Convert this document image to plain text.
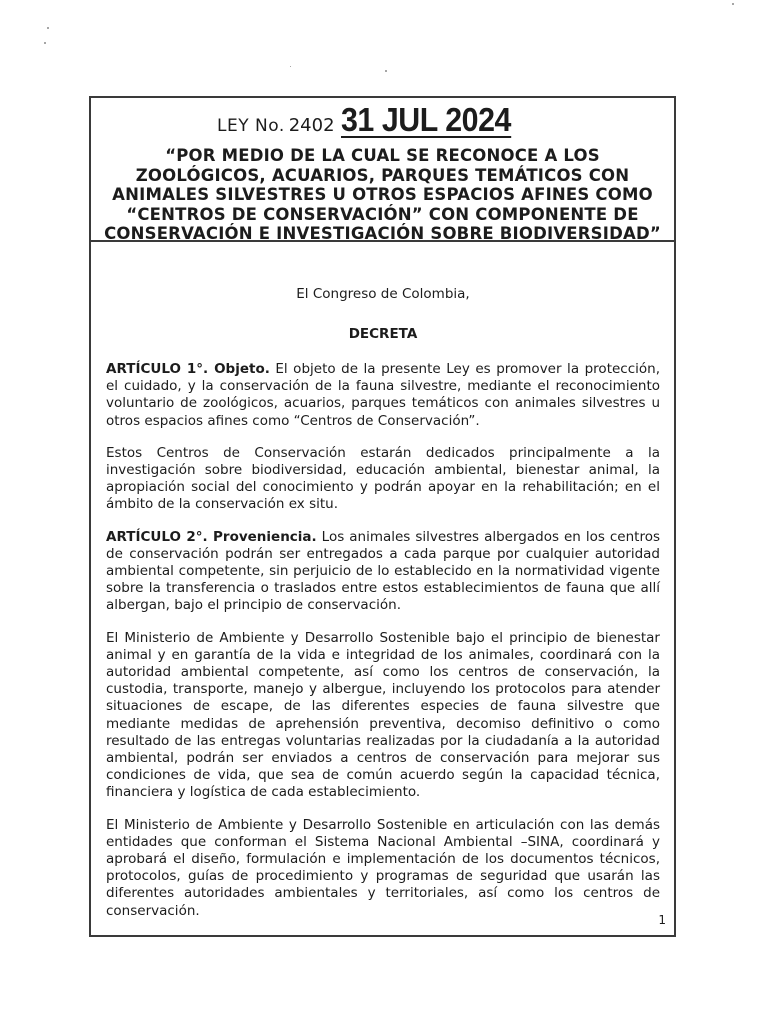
LEY No. 2402 31 JUL 2024
“POR MEDIO DE LA CUAL SE RECONOCE A LOS ZOOLÓGICOS, ACUARIOS, PARQUES TEMÁTICOS CON ANIMALES SILVESTRES U OTROS ESPACIOS AFINES COMO “CENTROS DE CONSERVACIÓN” CON COMPONENTE DE CONSERVACIÓN E INVESTIGACIÓN SOBRE BIODIVERSIDAD”

El Congreso de Colombia,

DECRETA

ARTÍCULO 1°. Objeto. El objeto de la presente Ley es promover la protección, el cuidado, y la conservación de la fauna silvestre, mediante el reconocimiento voluntario de zoológicos, acuarios, parques temáticos con animales silvestres u otros espacios afines como “Centros de Conservación”.

Estos Centros de Conservación estarán dedicados principalmente a la investigación sobre biodiversidad, educación ambiental, bienestar animal, la apropiación social del conocimiento y podrán apoyar en la rehabilitación; en el ámbito de la conservación ex situ.

ARTÍCULO 2°. Proveniencia. Los animales silvestres albergados en los centros de conservación podrán ser entregados a cada parque por cualquier autoridad ambiental competente, sin perjuicio de lo establecido en la normatividad vigente sobre la transferencia o traslados entre estos establecimientos de fauna que allí albergan, bajo el principio de conservación.

El Ministerio de Ambiente y Desarrollo Sostenible bajo el principio de bienestar animal y en garantía de la vida e integridad de los animales, coordinará con la autoridad ambiental competente, así como los centros de conservación, la custodia, transporte, manejo y albergue, incluyendo los protocolos para atender situaciones de escape, de las diferentes especies de fauna silvestre que mediante medidas de aprehensión preventiva, decomiso definitivo o como resultado de las entregas voluntarias realizadas por la ciudadanía a la autoridad ambiental, podrán ser enviados a centros de conservación para mejorar sus condiciones de vida, que sea de común acuerdo según la capacidad técnica, financiera y logística de cada establecimiento.

El Ministerio de Ambiente y Desarrollo Sostenible en articulación con las demás entidades que conforman el Sistema Nacional Ambiental –SINA, coordinará y aprobará el diseño, formulación e implementación de los documentos técnicos, protocolos, guías de procedimiento y programas de seguridad que usarán las diferentes autoridades ambientales y territoriales, así como los centros de conservación.

1
